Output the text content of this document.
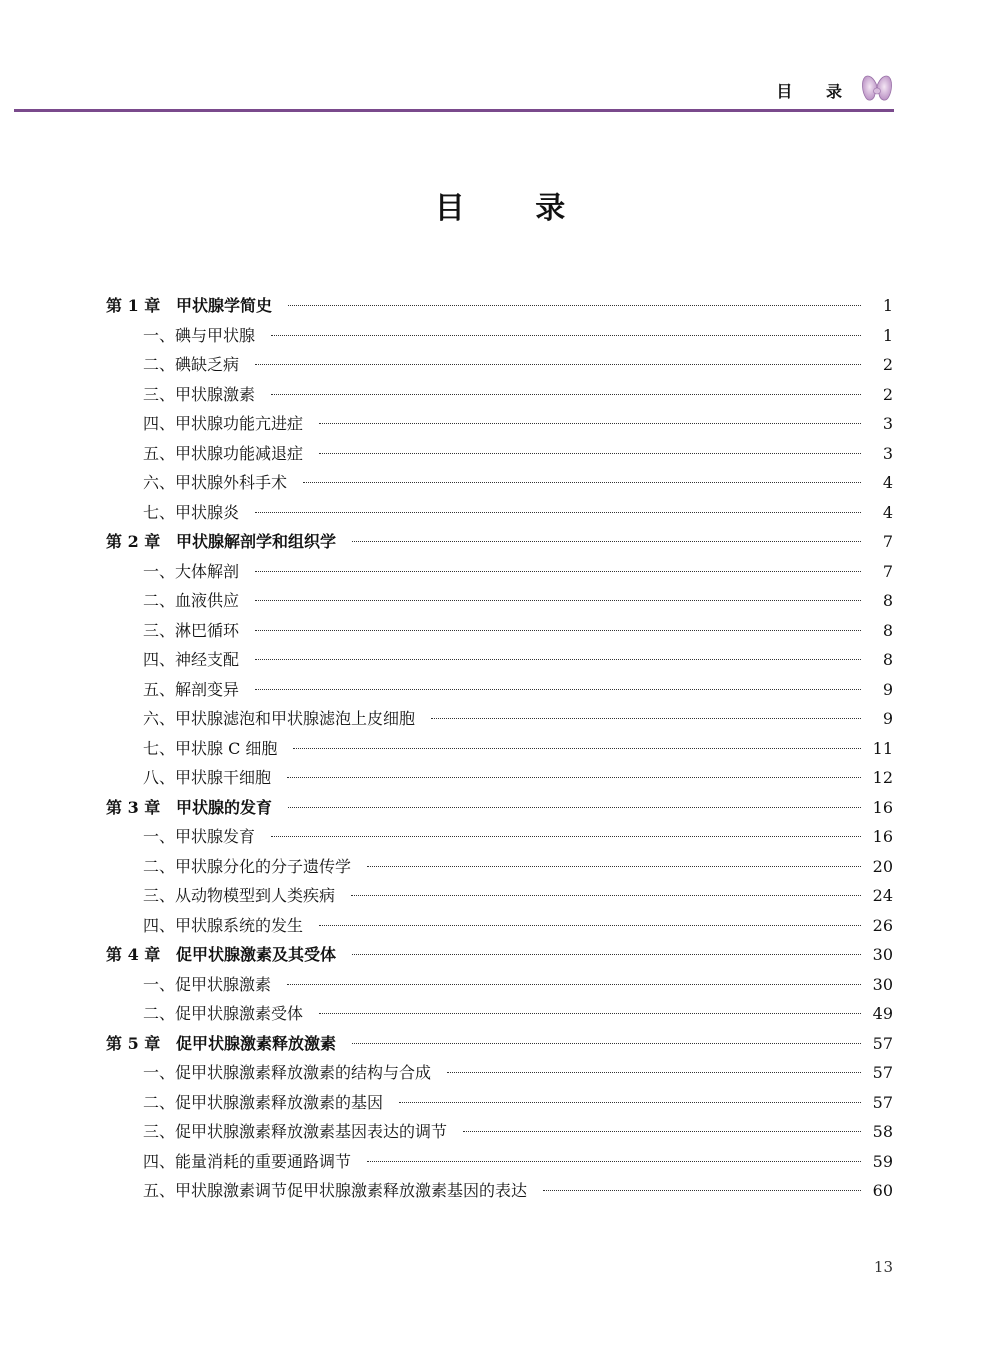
目 录
目 录
第 1 章 甲状腺学简史	1
一、碘与甲状腺	1
二、碘缺乏病	2
三、甲状腺激素	2
四、甲状腺功能亢进症	3
五、甲状腺功能减退症	3
六、甲状腺外科手术	4
七、甲状腺炎	4
第 2 章 甲状腺解剖学和组织学	7
一、大体解剖	7
二、血液供应	8
三、淋巴循环	8
四、神经支配	8
五、解剖变异	9
六、甲状腺滤泡和甲状腺滤泡上皮细胞	9
七、甲状腺 C 细胞	11
八、甲状腺干细胞	12
第 3 章 甲状腺的发育	16
一、甲状腺发育	16
二、甲状腺分化的分子遗传学	20
三、从动物模型到人类疾病	24
四、甲状腺系统的发生	26
第 4 章 促甲状腺激素及其受体	30
一、促甲状腺激素	30
二、促甲状腺激素受体	49
第 5 章 促甲状腺激素释放激素	57
一、促甲状腺激素释放激素的结构与合成	57
二、促甲状腺激素释放激素的基因	57
三、促甲状腺激素释放激素基因表达的调节	58
四、能量消耗的重要通路调节	59
五、甲状腺激素调节促甲状腺激素释放激素基因的表达	60
13
